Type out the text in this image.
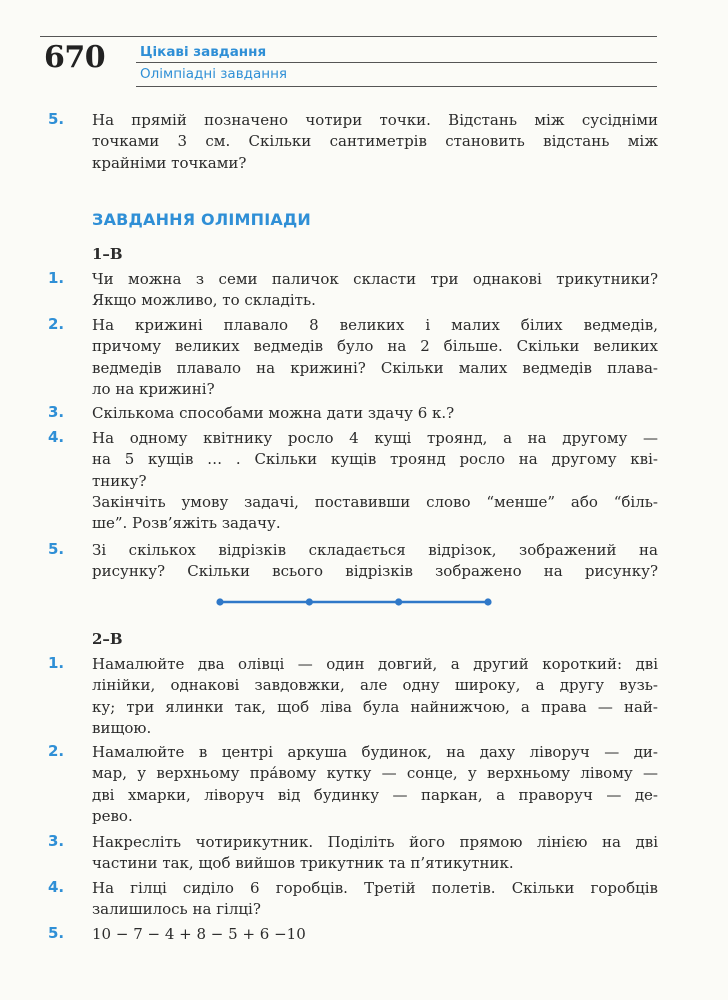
670	Цікаві завдання
Олімпіадні завдання
5.	На прямій позначено чотири точки. Відстань між сусідніми
точками 3 см. Скільки сантиметрів становить відстань між
крайніми точками?
ЗАВДАННЯ ОЛІМПІАДИ
1–В
1.	Чи можна з семи паличок скласти три однакові трикутники?
Якщо можливо, то складіть.
2.	На крижині плавало 8 великих і малих білих ведмедів,
причому великих ведмедів було на 2 більше. Скільки великих
ведмедів плавало на крижині? Скільки малих ведмедів плава-
ло на крижині?
3.	Скількома способами можна дати здачу 6 к.?
4.	На одному квітнику росло 4 кущі троянд, а на другому —
на 5 кущів … . Скільки кущів троянд росло на другому кві-
тнику?
Закінчіть умову задачі, поставивши слово “менше” або “біль-
ше”. Розв’яжіть задачу.
5.	Зі скількох відрізків складається відрізок, зображений на
рисунку? Скільки всього відрізків зображено на рисунку?
2–В
1.	Намалюйте два олівці — один довгий, а другий короткий: дві
лінійки, однакові завдовжки, але одну широку, а другу вузь-
ку; три ялинки так, щоб ліва була найнижчою, а права — най-
вищою.
2.	Намалюйте в центрі аркуша будинок, на даху ліворуч — ди-
мар, у верхньому пра́вому кутку — сонце, у верхньому лівому —
дві хмарки, ліворуч від будинку — паркан, а праворуч — де-
рево.
3.	Накресліть чотирикутник. Поділіть його прямою лінією на дві
частини так, щоб вийшов трикутник та п’ятикутник.
4.	На гілці сиділо 6 горобців. Третій полетів. Скільки горобців
залишилось на гілці?
5.	10 − 7 − 4 + 8 − 5 + 6 −10
